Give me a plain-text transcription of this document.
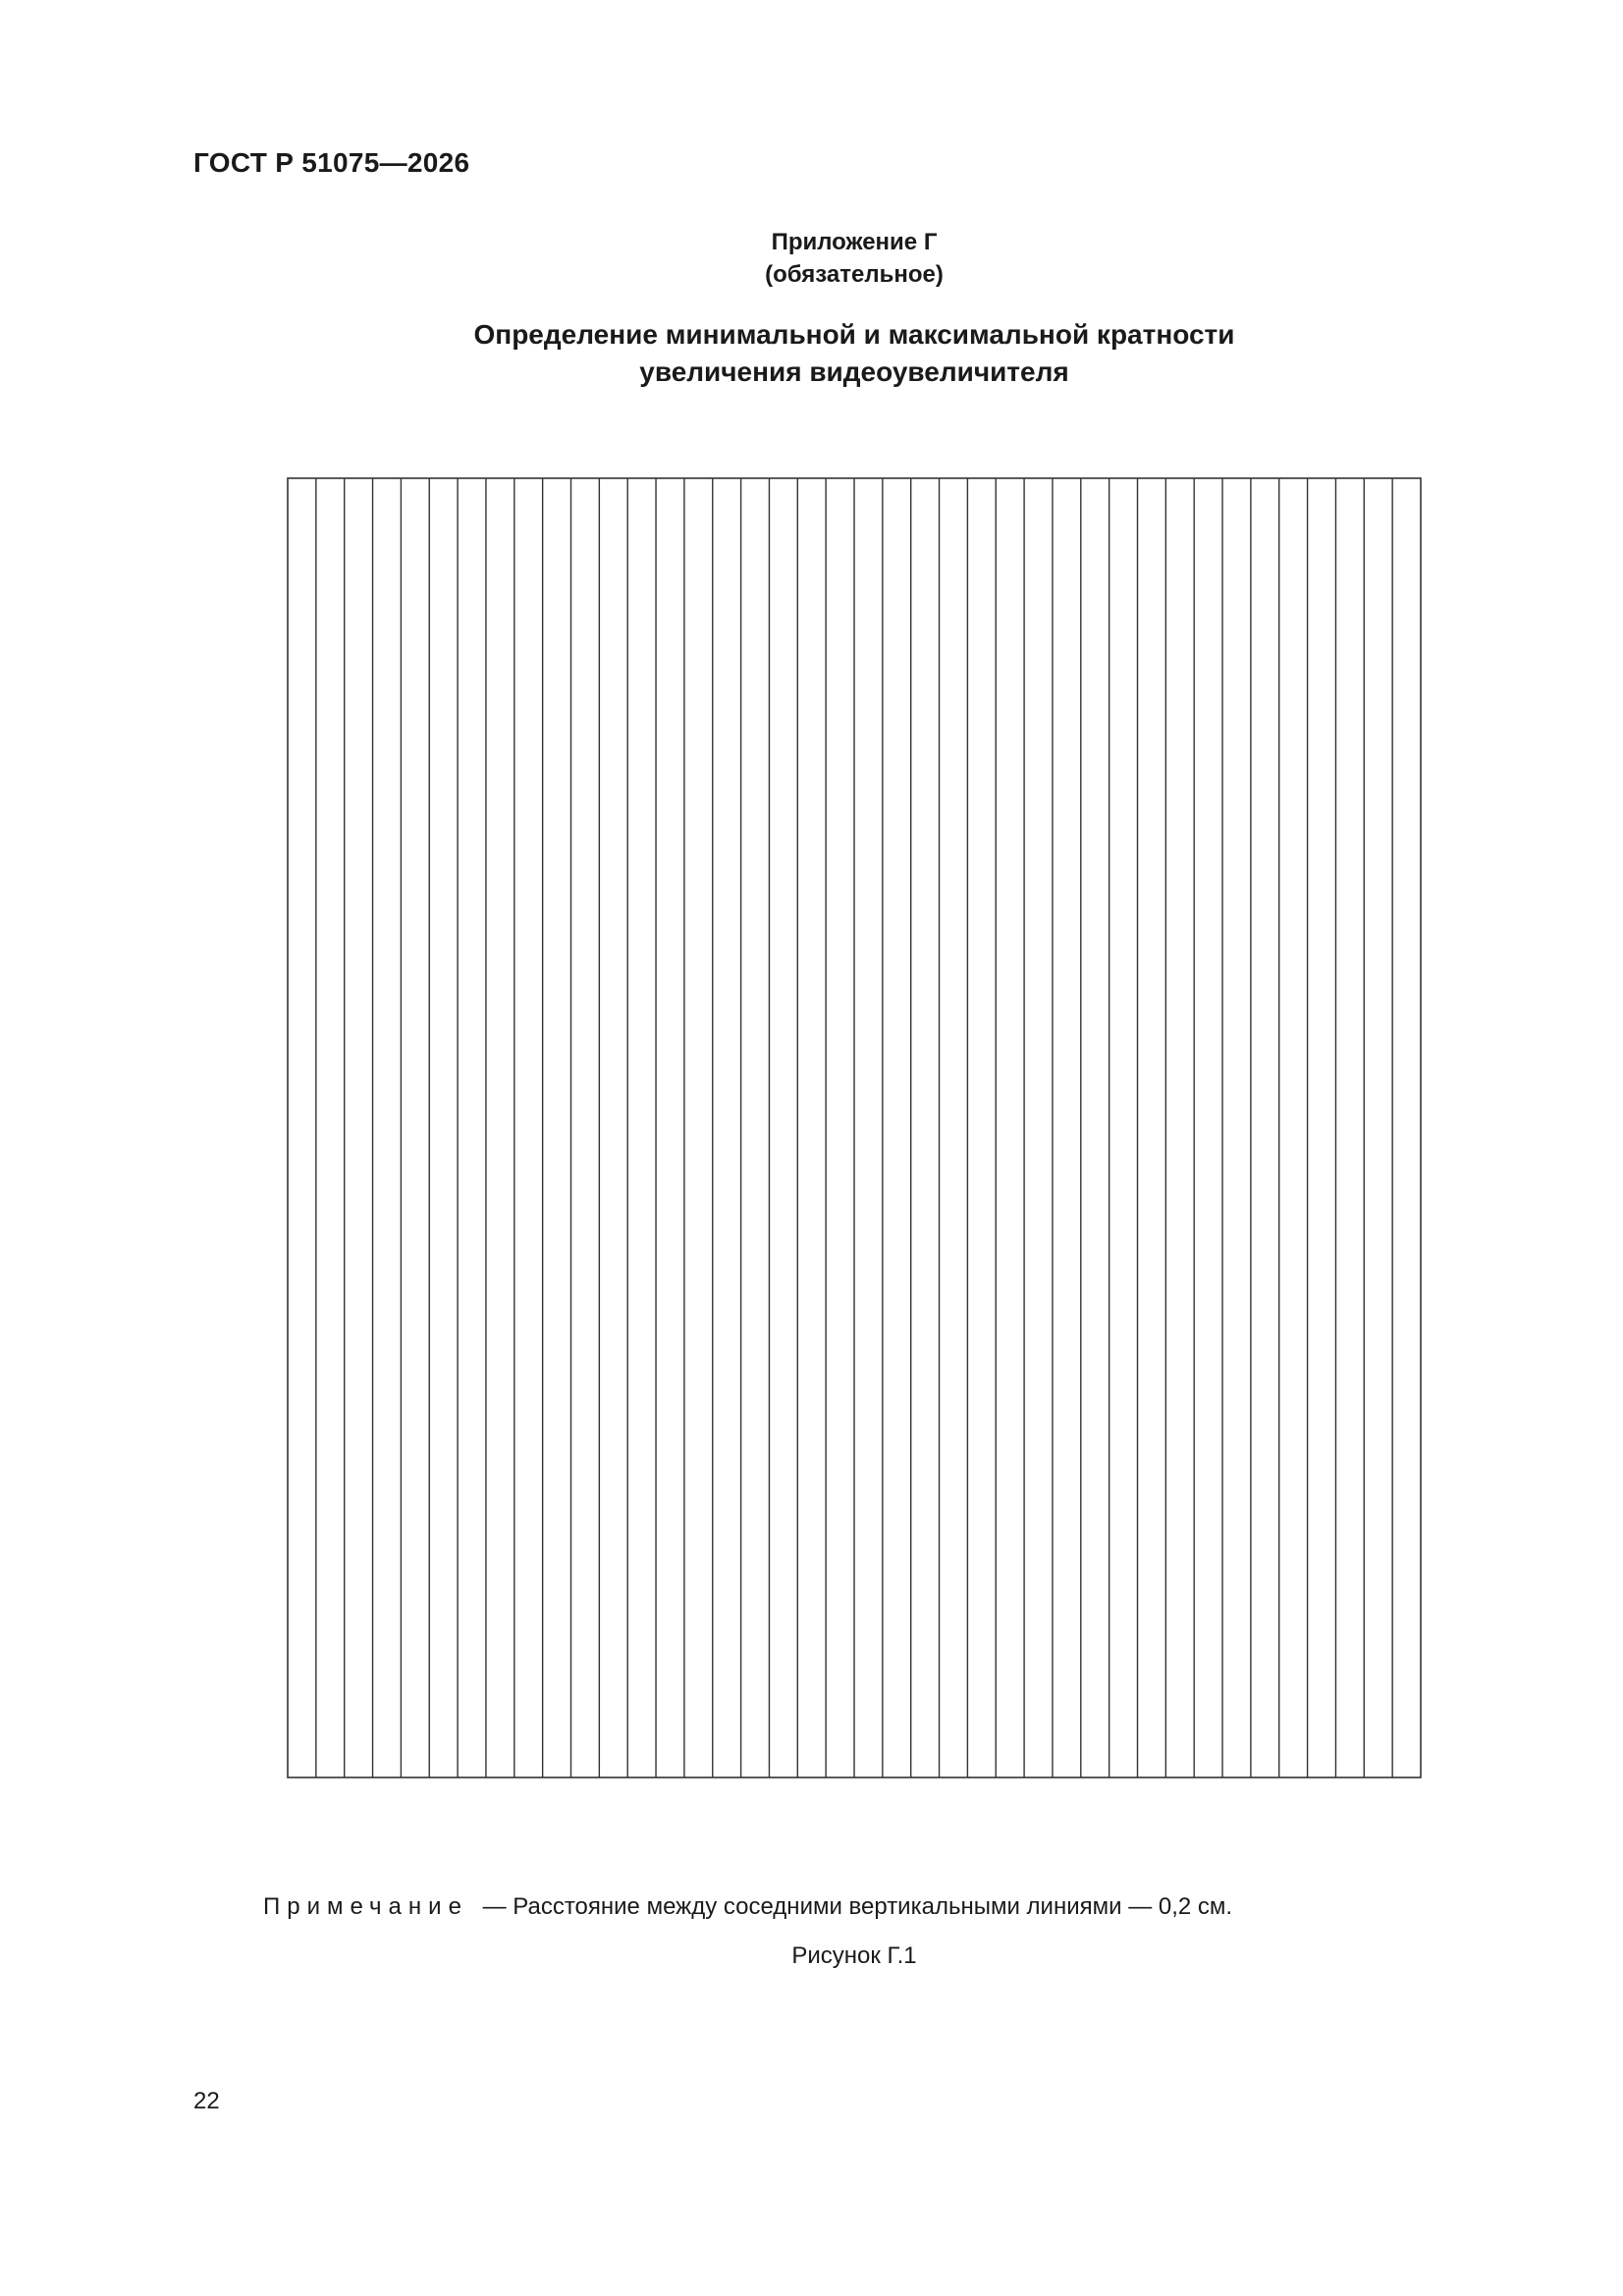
ГОСТ Р 51075—2026
Приложение Г
(обязательное)
Определение минимальной и максимальной кратности
увеличения видеоувеличителя
Примечание — Расстояние между соседними вертикальными линиями — 0,2 см.
Рисунок Г.1
22
